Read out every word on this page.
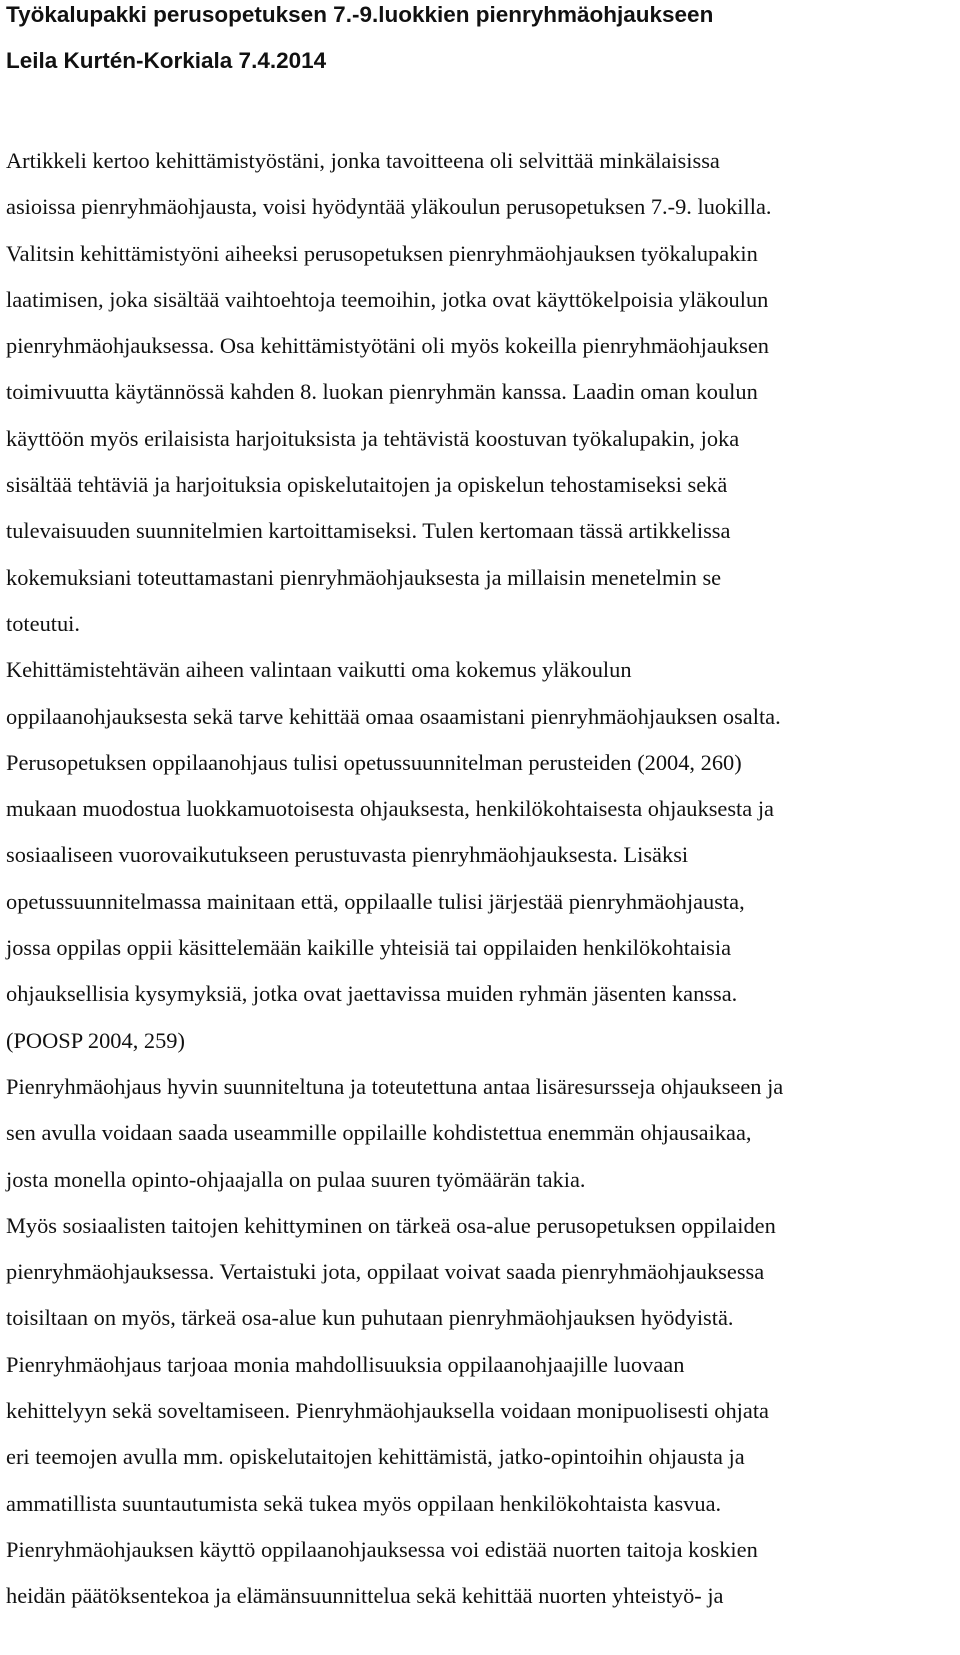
Työkalupakki perusopetuksen 7.-9.luokkien pienryhmäohjaukseen
Leila Kurtén-Korkiala 7.4.2014
Artikkeli kertoo kehittämistyöstäni, jonka tavoitteena oli selvittää minkälaisissa
asioissa pienryhmäohjausta, voisi hyödyntää yläkoulun perusopetuksen 7.-9. luokilla.
Valitsin kehittämistyöni aiheeksi perusopetuksen pienryhmäohjauksen työkalupakin
laatimisen, joka sisältää vaihtoehtoja teemoihin, jotka ovat käyttökelpoisia yläkoulun
pienryhmäohjauksessa. Osa kehittämistyötäni oli myös kokeilla pienryhmäohjauksen
toimivuutta käytännössä kahden 8. luokan pienryhmän kanssa. Laadin oman koulun
käyttöön myös erilaisista harjoituksista ja tehtävistä koostuvan työkalupakin, joka
sisältää tehtäviä ja harjoituksia opiskelutaitojen ja opiskelun tehostamiseksi sekä
tulevaisuuden suunnitelmien kartoittamiseksi. Tulen kertomaan tässä artikkelissa
kokemuksiani toteuttamastani pienryhmäohjauksesta ja millaisin menetelmin se
toteutui.
Kehittämistehtävän aiheen valintaan vaikutti oma kokemus yläkoulun
oppilaanohjauksesta sekä tarve kehittää omaa osaamistani pienryhmäohjauksen osalta.
Perusopetuksen oppilaanohjaus tulisi opetussuunnitelman perusteiden (2004, 260)
mukaan muodostua luokkamuotoisesta ohjauksesta, henkilökohtaisesta ohjauksesta ja
sosiaaliseen vuorovaikutukseen perustuvasta pienryhmäohjauksesta. Lisäksi
opetussuunnitelmassa mainitaan että, oppilaalle tulisi järjestää pienryhmäohjausta,
jossa oppilas oppii käsittelemään kaikille yhteisiä tai oppilaiden henkilökohtaisia
ohjauksellisia kysymyksiä, jotka ovat jaettavissa muiden ryhmän jäsenten kanssa.
(POOSP 2004, 259)
Pienryhmäohjaus hyvin suunniteltuna ja toteutettuna antaa lisäresursseja ohjaukseen ja
sen avulla voidaan saada useammille oppilaille kohdistettua enemmän ohjausaikaa,
josta monella opinto-ohjaajalla on pulaa suuren työmäärän takia.
Myös sosiaalisten taitojen kehittyminen on tärkeä osa-alue perusopetuksen oppilaiden
pienryhmäohjauksessa. Vertaistuki jota, oppilaat voivat saada pienryhmäohjauksessa
toisiltaan on myös, tärkeä osa-alue kun puhutaan pienryhmäohjauksen hyödyistä.
Pienryhmäohjaus tarjoaa monia mahdollisuuksia oppilaanohjaajille luovaan
kehittelyyn sekä soveltamiseen. Pienryhmäohjauksella voidaan monipuolisesti ohjata
eri teemojen avulla mm. opiskelutaitojen kehittämistä, jatko-opintoihin ohjausta ja
ammatillista suuntautumista sekä tukea myös oppilaan henkilökohtaista kasvua.
Pienryhmäohjauksen käyttö oppilaanohjauksessa voi edistää nuorten taitoja koskien
heidän päätöksentekoa ja elämänsuunnittelua sekä kehittää nuorten yhteistyö- ja
